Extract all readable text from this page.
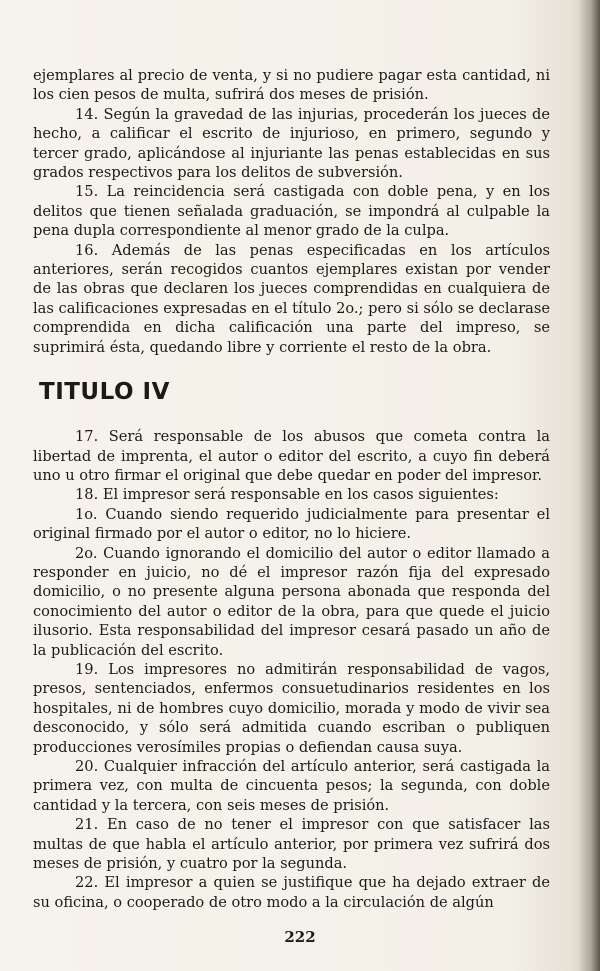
ejemplares al precio de venta, y si no pudiere pagar esta cantidad, ni los cien pesos de multa, sufrirá dos meses de prisión.

14. Según la gravedad de las injurias, procederán los jueces de hecho, a calificar el escrito de injurioso, en primero, segundo y tercer grado, aplicándose al injuriante las penas establecidas en sus grados respectivos para los delitos de subversión.

15. La reincidencia será castigada con doble pena, y en los delitos que tienen señalada graduación, se impondrá al culpable la pena dupla correspondiente al menor grado de la culpa.

16. Además de las penas especificadas en los artículos anteriores, serán recogidos cuantos ejemplares existan por vender de las obras que declaren los jueces comprendidas en cualquiera de las calificaciones expresadas en el título 2o.; pero si sólo se declarase comprendida en dicha calificación una parte del impreso, se suprimirá ésta, quedando libre y corriente el resto de la obra.

TITULO IV

17. Será responsable de los abusos que cometa contra la libertad de imprenta, el autor o editor del escrito, a cuyo fin deberá uno u otro firmar el original que debe quedar en poder del impresor.

18. El impresor será responsable en los casos siguientes:

1o. Cuando siendo requerido judicialmente para presentar el original firmado por el autor o editor, no lo hiciere.

2o. Cuando ignorando el domicilio del autor o editor llamado a responder en juicio, no dé el impresor razón fija del expresado domicilio, o no presente alguna persona abonada que responda del conocimiento del autor o editor de la obra, para que quede el juicio ilusorio. Esta responsabilidad del impresor cesará pasado un año de la publicación del escrito.

19. Los impresores no admitirán responsabilidad de vagos, presos, sentenciados, enfermos consuetudinarios residentes en los hospitales, ni de hombres cuyo domicilio, morada y modo de vivir sea desconocido, y sólo será admitida cuando escriban o publiquen producciones verosímiles propias o defiendan causa suya.

20. Cualquier infracción del artículo anterior, será castigada la primera vez, con multa de cincuenta pesos; la segunda, con doble cantidad y la tercera, con seis meses de prisión.

21. En caso de no tener el impresor con que satisfacer las multas de que habla el artículo anterior, por primera vez sufrirá dos meses de prisión, y cuatro por la segunda.

22. El impresor a quien se justifique que ha dejado extraer de su oficina, o cooperado de otro modo a la circulación de algún

222
